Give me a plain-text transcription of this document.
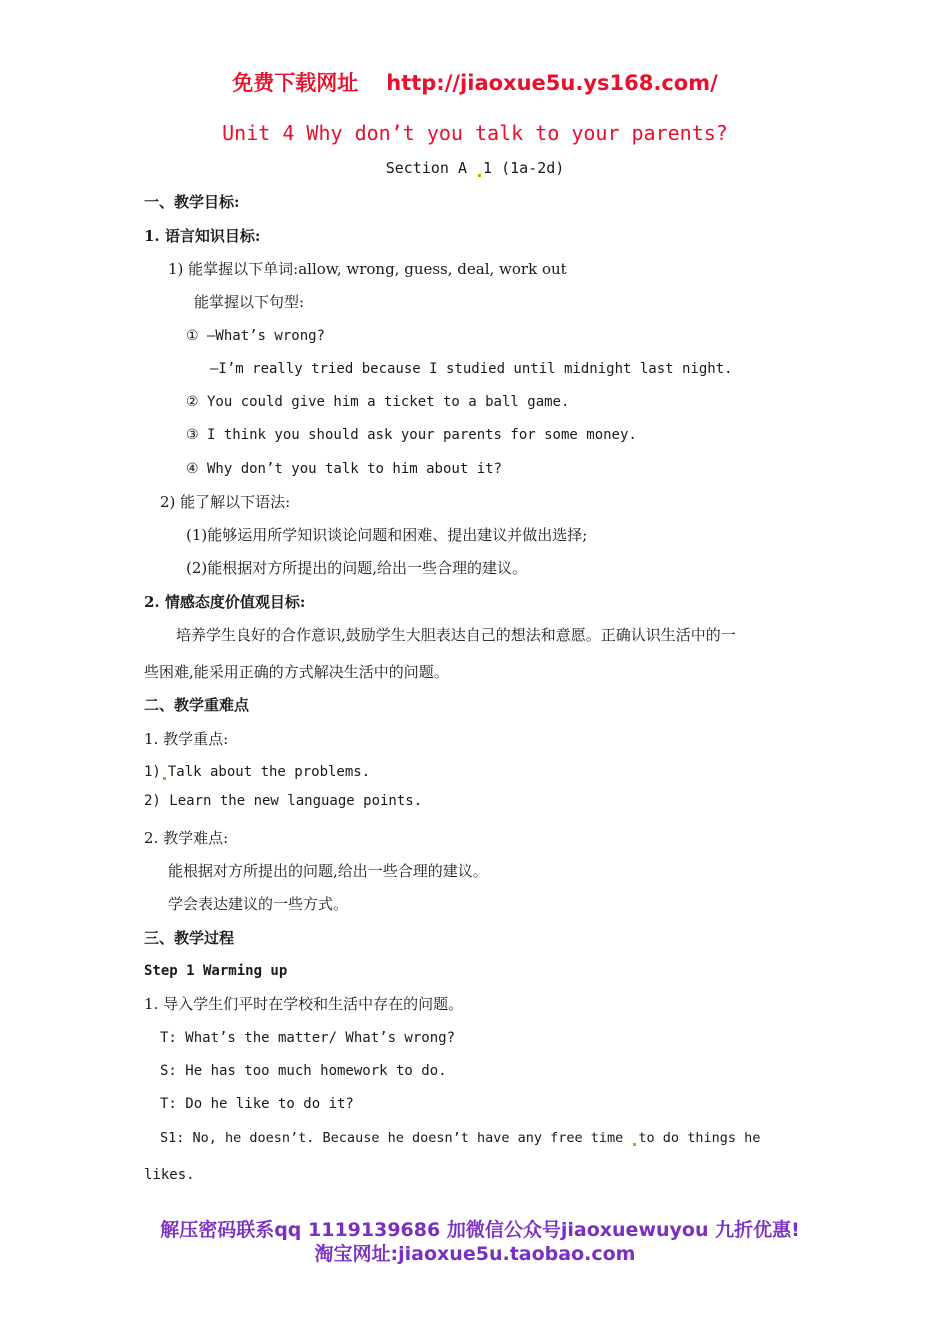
免费下载网址 http://jiaoxue5u.ys168.com/
Unit 4 Why don’t you talk to your parents?
Section A 1 (1a-2d)
一、教学目标:
1. 语言知识目标:
1) 能掌握以下单词:allow, wrong, guess, deal, work out
能掌握以下句型:
① —What’s wrong?
—I’m really tried because I studied until midnight last night.
② You could give him a ticket to a ball game.
③ I think you should ask your parents for some money.
④ Why don’t you talk to him about it?
2) 能了解以下语法:
(1)能够运用所学知识谈论问题和困难、提出建议并做出选择;
(2)能根据对方所提出的问题,给出一些合理的建议。
2. 情感态度价值观目标:
培养学生良好的合作意识,鼓励学生大胆表达自己的想法和意愿。正确认识生活中的一
些困难,能采用正确的方式解决生活中的问题。
二、教学重难点
1. 教学重点:
1) Talk about the problems.
2) Learn the new language points.
2. 教学难点:
能根据对方所提出的问题,给出一些合理的建议。
学会表达建议的一些方式。
三、教学过程
Step 1 Warming up
1. 导入学生们平时在学校和生活中存在的问题。
T: What’s the matter/ What’s wrong?
S: He has too much homework to do.
T: Do he like to do it?
S1: No, he doesn’t. Because he doesn’t have any free time to do things he
likes.
解压密码联系qq 1119139686 加微信公众号jiaoxuewuyou 九折优惠!
淘宝网址:jiaoxue5u.taobao.com
